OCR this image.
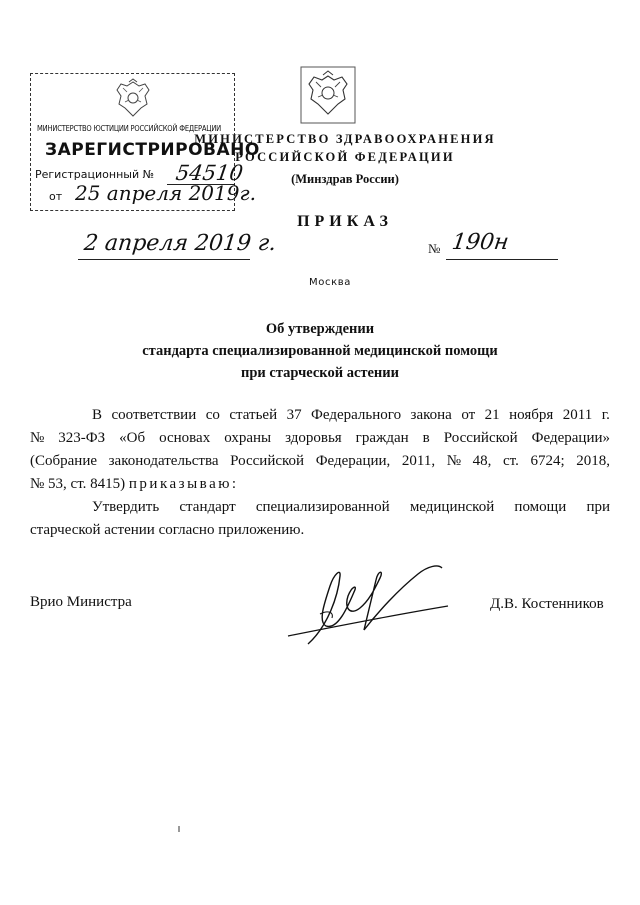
МИНИСТЕРСТВО ЮСТИЦИИ РОССИЙСКОЙ ФЕДЕРАЦИИ
ЗАРЕГИСТРИРОВАНО
Регистрационный № 54510
от 25 апреля 2019г.
МИНИСТЕРСТВО ЗДРАВООХРАНЕНИЯ
РОССИЙСКОЙ ФЕДЕРАЦИИ
(Минздрав России)
ПРИКАЗ
2 апреля 2019 г.	№ 190н
Москва
Об утверждении
стандарта специализированной медицинской помощи
при старческой астении
В соответствии со статьей 37 Федерального закона от 21 ноября 2011 г.
№ 323-ФЗ «Об основах охраны здоровья граждан в Российской Федерации»
(Собрание законодательства Российской Федерации, 2011, № 48, ст. 6724; 2018,
№ 53, ст. 8415) приказываю:
Утвердить стандарт специализированной медицинской помощи при
старческой астении согласно приложению.
Врио Министра	Д.В. Костенников
